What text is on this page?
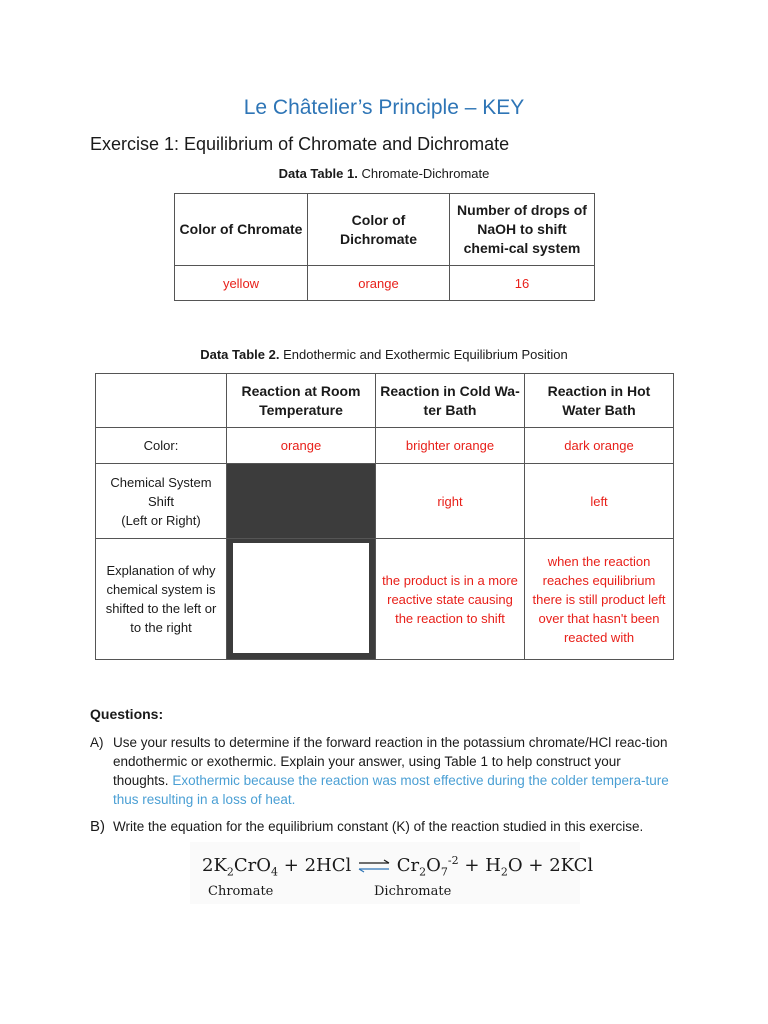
Le Châtelier’s Principle – KEY
Exercise 1: Equilibrium of Chromate and Dichromate
Data Table 1. Chromate-Dichromate
Color of Chromate	Color of Dichromate	Number of drops of NaOH to shift chemi-cal system
yellow	orange	16
Data Table 2. Endothermic and Exothermic Equilibrium Position
	Reaction at Room Temperature	Reaction in Cold Wa-ter Bath	Reaction in Hot Water Bath
Color:	orange	brighter orange	dark orange

Chemical System
Shift
(Left or Right)		right	left
Explanation of why chemical system is shifted to the left or to the right		the product is in a more reactive state causing the reaction to shift	when the reaction reaches equilibrium there is still product left over that hasn't been reacted with
Questions:
A) Use your results to determine if the forward reaction in the potassium chromate/HCl reac-tion endothermic or exothermic. Explain your answer, using Table 1 to help construct your thoughts. Exothermic because the reaction was most effective during the colder tempera-ture thus resulting in a loss of heat.
B) Write the equation for the equilibrium constant (K) of the reaction studied in this exercise.
$2K_2CrO_4 + 2HCl$ ⇌ $Cr_2O_7^{-2} + H_2O + 2KCl$
Chromate	Dichromate
